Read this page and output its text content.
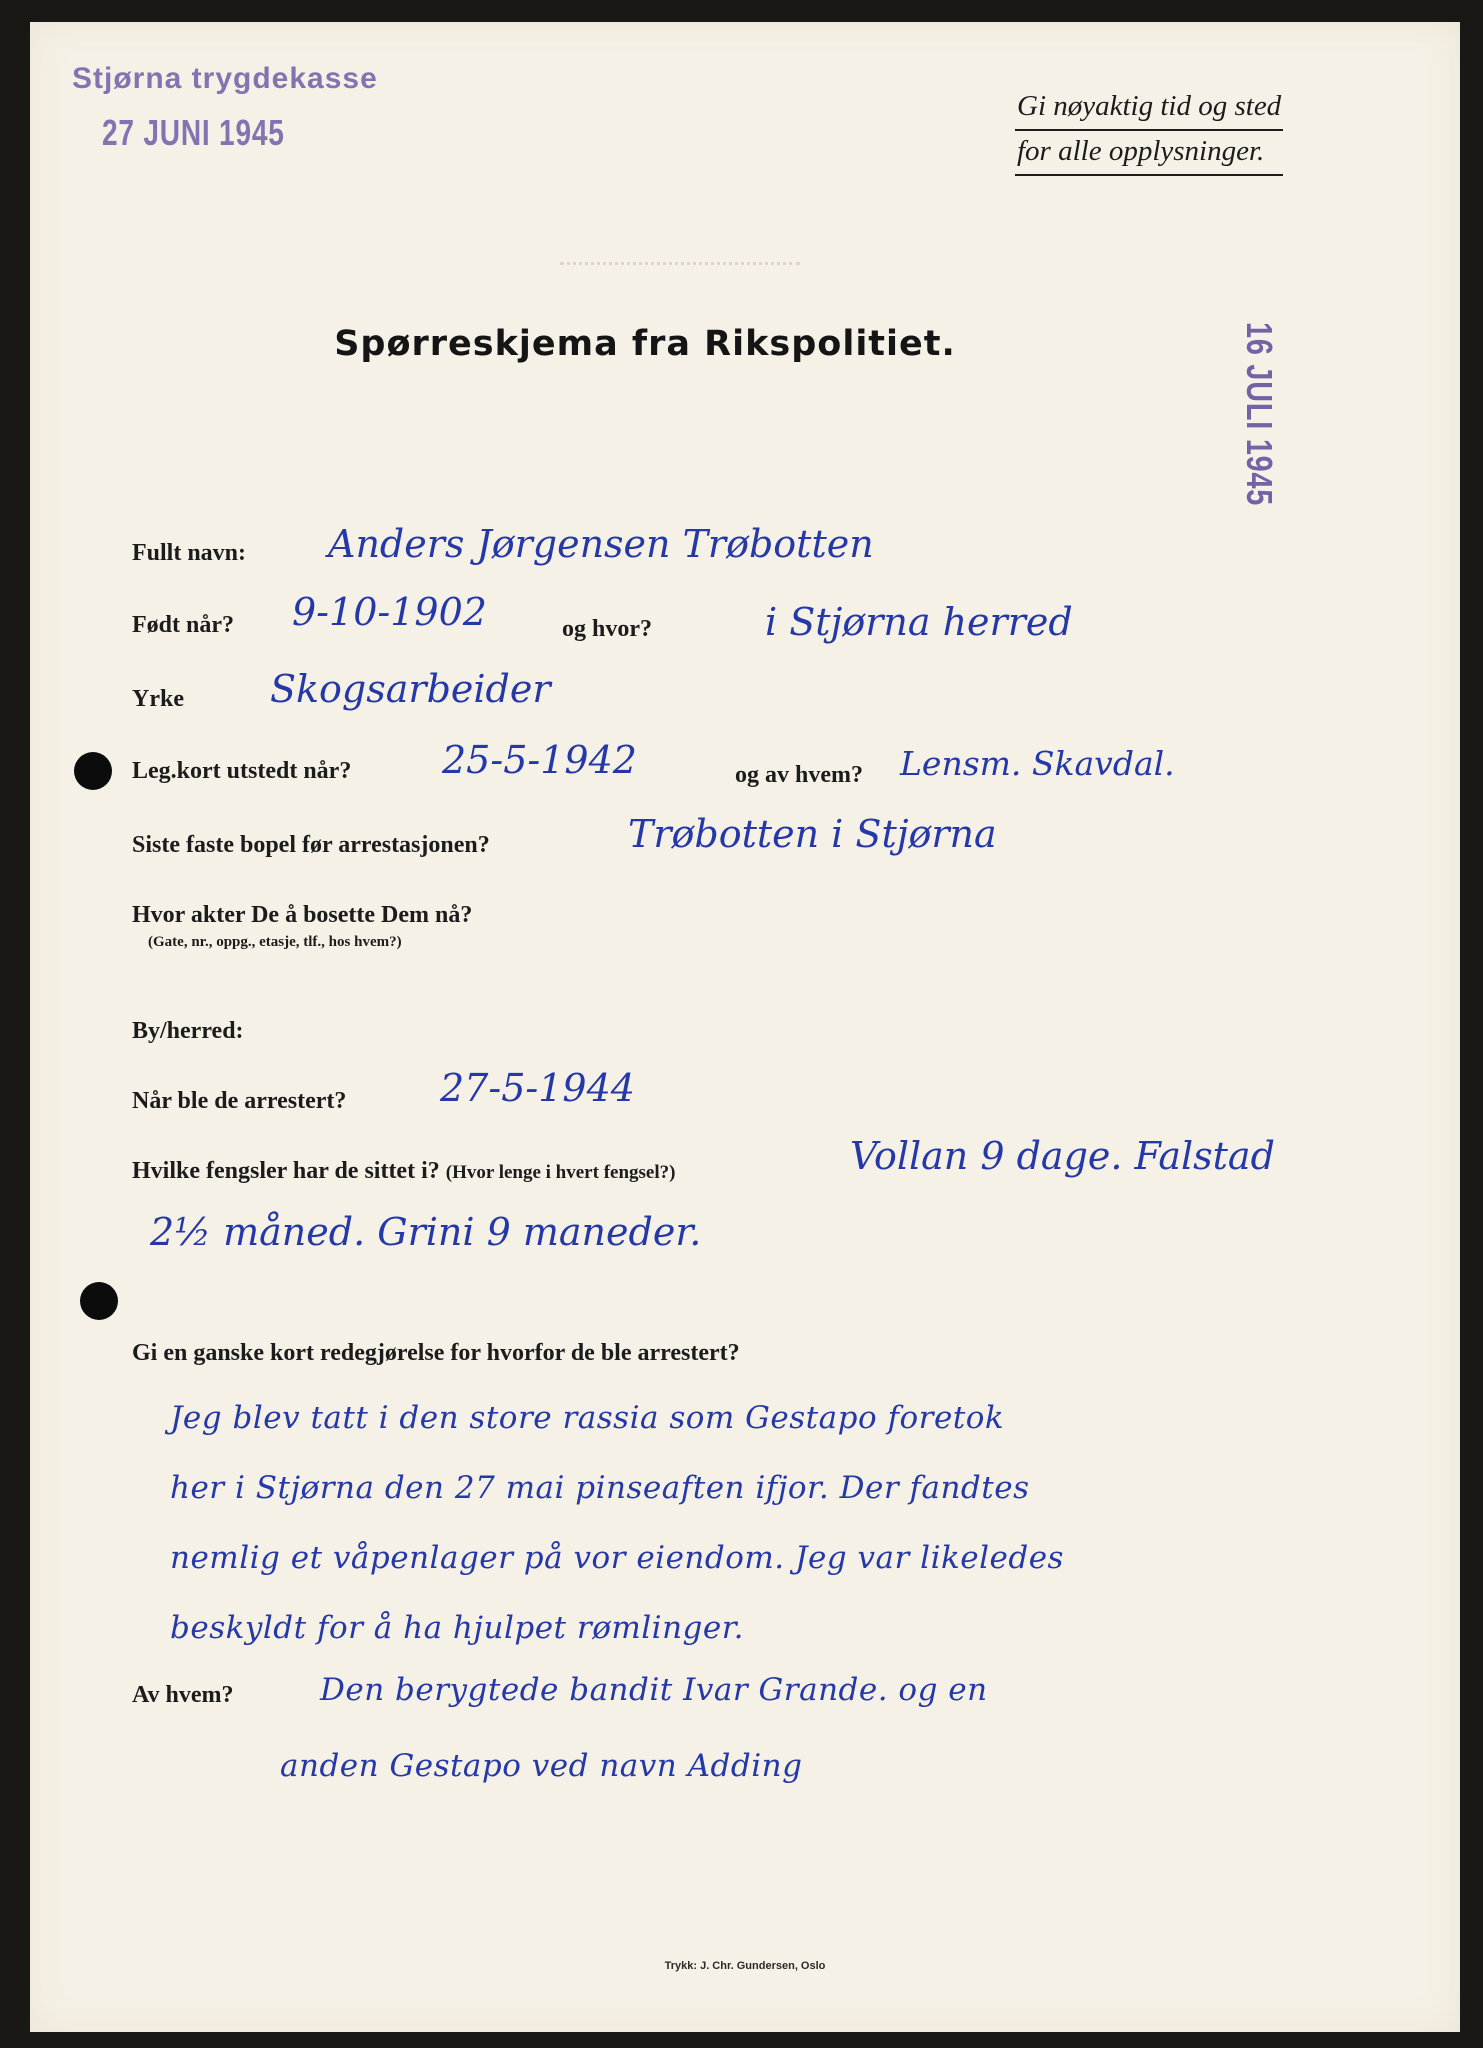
Stjørna trygdekasse
27 JUNI 1945
16 JULI 1945
Gi nøyaktig tid og sted
for alle opplysninger.
Spørreskjema fra Rikspolitiet.
Fullt navn: Anders Jørgensen Trøbotten
Født når? 9-10-1902	og hvor?	i Stjørna herred
Yrke Skogsarbeider
Leg.kort utstedt når? 25-5-1942	og av hvem? Lensm. Skavdal.
Siste faste bopel før arrestasjonen?	Trøbotten i Stjørna
Hvor akter De å bosette Dem nå?
(Gate, nr., oppg., etasje, tlf., hos hvem?)
By/herred:
Når ble de arrestert? 27-5-1944
Hvilke fengsler har de sittet i? (Hvor lenge i hvert fengsel?)	Vollan 9 dage. Falstad
2½ måned. Grini 9 maneder.
Gi en ganske kort redegjørelse for hvorfor de ble arrestert?
Jeg blev tatt i den store rassia som Gestapo foretok
her i Stjørna den 27 mai pinseaften ifjor. Der fandtes
nemlig et våpenlager på vor eiendom. Jeg var likeledes
beskyldt for å ha hjulpet rømlinger.
Av hvem?	Den berygtede bandit Ivar Grande. og en
anden Gestapo ved navn Adding
Trykk: J. Chr. Gundersen, Oslo
